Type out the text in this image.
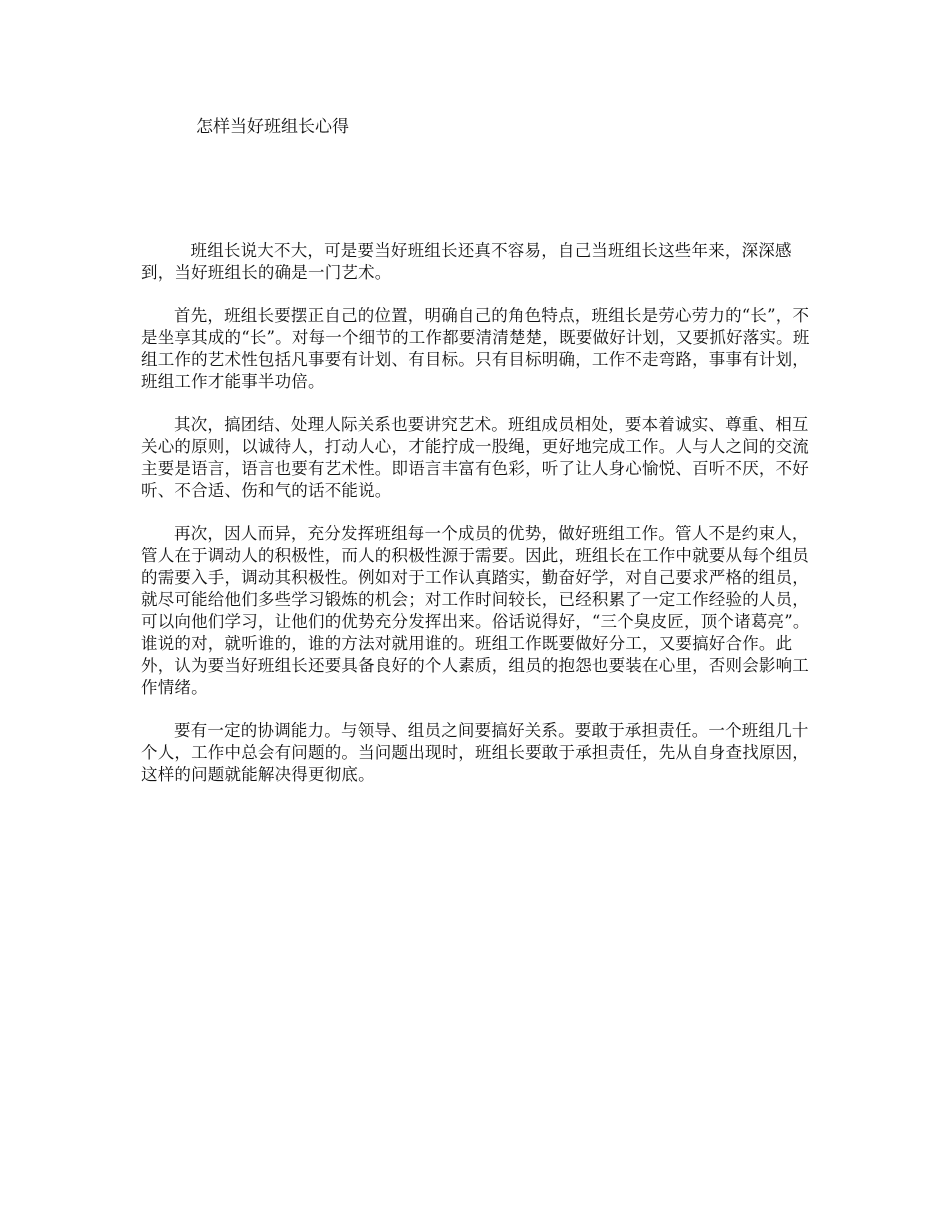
怎样当好班组长心得

班组长说大不大，可是要当好班组长还真不容易，自己当班组长这些年来，深深感到，当好班组长的确是一门艺术。

首先，班组长要摆正自己的位置，明确自己的角色特点，班组长是劳心劳力的“长”，不是坐享其成的“长”。对每一个细节的工作都要清清楚楚，既要做好计划，又要抓好落实。班组工作的艺术性包括凡事要有计划、有目标。只有目标明确，工作不走弯路，事事有计划，班组工作才能事半功倍。

其次，搞团结、处理人际关系也要讲究艺术。班组成员相处，要本着诚实、尊重、相互关心的原则，以诚待人，打动人心，才能拧成一股绳，更好地完成工作。人与人之间的交流主要是语言，语言也要有艺术性。即语言丰富有色彩，听了让人身心愉悦、百听不厌，不好听、不合适、伤和气的话不能说。

再次，因人而异，充分发挥班组每一个成员的优势，做好班组工作。管人不是约束人，管人在于调动人的积极性，而人的积极性源于需要。因此，班组长在工作中就要从每个组员的需要入手，调动其积极性。例如对于工作认真踏实，勤奋好学，对自己要求严格的组员，就尽可能给他们多些学习锻炼的机会；对工作时间较长，已经积累了一定工作经验的人员，可以向他们学习，让他们的优势充分发挥出来。俗话说得好，“三个臭皮匠，顶个诸葛亮”。谁说的对，就听谁的，谁的方法对就用谁的。班组工作既要做好分工，又要搞好合作。此外，认为要当好班组长还要具备良好的个人素质，组员的抱怨也要装在心里，否则会影响工作情绪。

要有一定的协调能力。与领导、组员之间要搞好关系。要敢于承担责任。一个班组几十个人，工作中总会有问题的。当问题出现时，班组长要敢于承担责任，先从自身查找原因，这样的问题就能解决得更彻底。
